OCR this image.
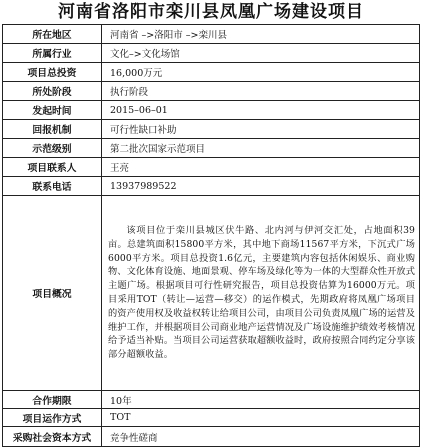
河南省洛阳市栾川县凤凰广场建设项目
所在地区	河南省 –>洛阳市 –>栾川县
所属行业	文化–>文化场馆
项目总投资	16,000万元
所处阶段	执行阶段
发起时间	2015–06–01
回报机制	可行性缺口补助
示范级别	第二批次国家示范项目
项目联系人	王亮
联系电话	13937989522
项目概况	该项目位于栾川县城区伏牛路、北内河与伊河交汇处，占地面积39亩。总建筑面积15800平方米，其中地下商场11567平方米，下沉式广场6000平方米。项目总投资1.6亿元，主要建筑内容包括休闲娱乐、商业购物、文化体育设施、地面景观、停车场及绿化等为一体的大型群众性开放式主题广场。根据项目可行性研究报告，项目总投资估算为16000万元。项目采用TOT（转让—运营—移交）的运作模式，先期政府将凤凰广场项目的资产使用权及收益权转让给项目公司，由项目公司负责凤凰广场的运营及维护工作，并根据项目公司商业地产运营情况及广场设施维护绩效考核情况给予适当补贴。当项目公司运营获取超额收益时，政府按照合同约定分享该部分超额收益。
合作期限	10年
项目运作方式	TOT
采购社会资本方式	竞争性磋商
